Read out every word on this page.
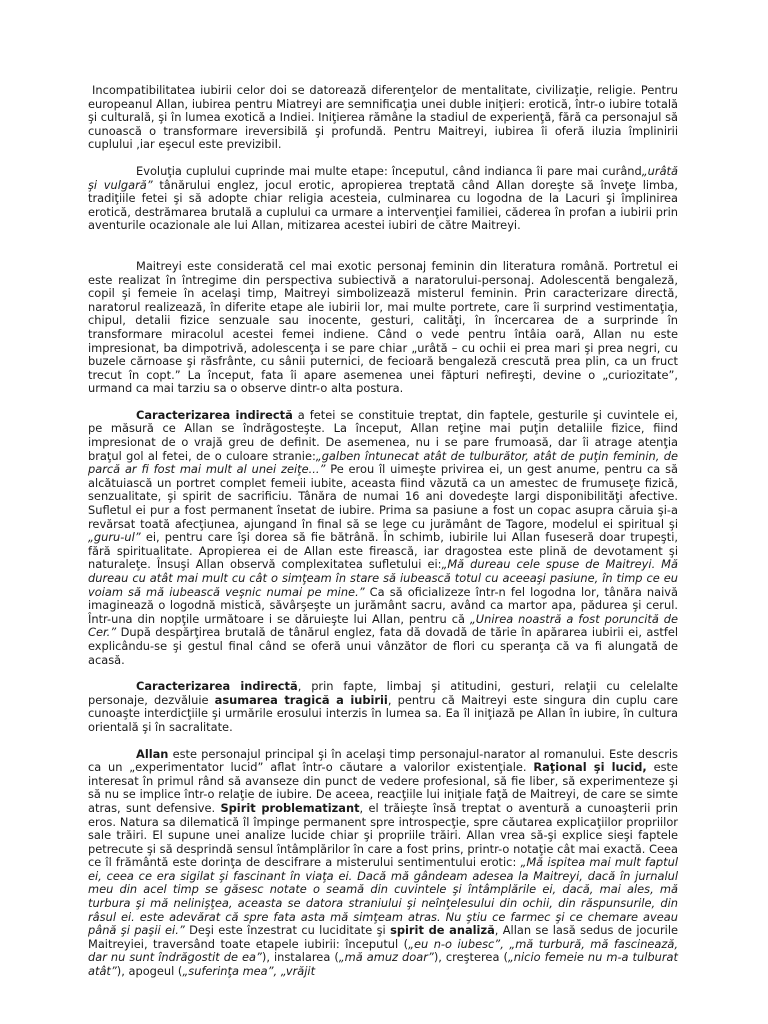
Incompatibilitatea iubirii celor doi se datorează diferenţelor de mentalitate, civilizaţie, religie. Pentru europeanul Allan, iubirea pentru Miatreyi are semnificaţia unei duble iniţieri: erotică, într-o iubire totală şi culturală, şi în lumea exotică a Indiei. Iniţierea rămâne la stadiul de experienţă, fără ca personajul să cunoască o transformare ireversibilă şi profundă. Pentru Maitreyi, iubirea îi oferă iluzia împlinirii cuplului ,iar eşecul este previzibil.

Evoluţia cuplului cuprinde mai multe etape: începutul, când indianca îi pare mai curând„urâtă şi vulgară” tânărului englez, jocul erotic, apropierea treptată când Allan doreşte să înveţe limba, tradiţiile fetei şi să adopte chiar religia acesteia, culminarea cu logodna de la Lacuri şi împlinirea erotică, destrămarea brutală a cuplului ca urmare a intervenţiei familiei, căderea în profan a iubirii prin aventurile ocazionale ale lui Allan, mitizarea acestei iubiri de către Maitreyi.

Maitreyi este considerată cel mai exotic personaj feminin din literatura română. Portretul ei este realizat în întregime din perspectiva subiectivă a naratorului-personaj. Adolescentă bengaleză, copil şi femeie în acelaşi timp, Maitreyi simbolizează misterul feminin. Prin caracterizare directă, naratorul realizează, în diferite etape ale iubirii lor, mai multe portrete, care îi surprind vestimentaţia, chipul, detalii fizice senzuale sau inocente, gesturi, calităţi, în încercarea de a surprinde în transformare miracolul acestei femei indiene. Când o vede pentru întâia oară, Allan nu este impresionat, ba dimpotrivă, adolescenţa i se pare chiar „urâtă – cu ochii ei prea mari şi prea negri, cu buzele cărnoase şi răsfrânte, cu sânii puternici, de fecioară bengaleză crescută prea plin, ca un fruct trecut în copt.” La început, fata îi apare asemenea unei făpturi nefireşti, devine o „curiozitate”, urmand ca mai tarziu sa o observe dintr-o alta postura.

Caracterizarea indirectă a fetei se constituie treptat, din faptele, gesturile şi cuvintele ei, pe măsură ce Allan se îndrăgosteşte. La început, Allan reţine mai puţin detaliile fizice, fiind impresionat de o vrajă greu de definit. De asemenea, nu i se pare frumoasă, dar îi atrage atenţia braţul gol al fetei, de o culoare stranie:„galben întunecat atât de tulburător, atât de puţin feminin, de parcă ar fi fost mai mult al unei zeiţe...” Pe erou îl uimeşte privirea ei, un gest anume, pentru ca să alcătuiască un portret complet femeii iubite, aceasta fiind văzută ca un amestec de frumuseţe fizică, senzualitate, şi spirit de sacrificiu. Tânăra de numai 16 ani dovedeşte largi disponibilităţi afective. Sufletul ei pur a fost permanent însetat de iubire. Prima sa pasiune a fost un copac asupra căruia şi-a revărsat toată afecţiunea, ajungand în final să se lege cu jurământ de Tagore, modelul ei spiritual şi „guru-ul” ei, pentru care îşi dorea să fie bătrână. În schimb, iubirile lui Allan fuseseră doar trupeşti, fără spiritualitate. Apropierea ei de Allan este firească, iar dragostea este plină de devotament şi naturaleţe. Însuşi Allan observă complexitatea sufletului ei:„Mă dureau cele spuse de Maitreyi. Mă dureau cu atât mai mult cu cât o simţeam în stare să iubească totul cu aceeaşi pasiune, în timp ce eu voiam să mă iubească veşnic numai pe mine.” Ca să oficializeze într-n fel logodna lor, tânăra naivă imaginează o logodnă mistică, săvârşeşte un jurământ sacru, având ca martor apa, pădurea şi cerul. Într-una din nopţile următoare i se dăruieşte lui Allan, pentru că „Unirea noastră a fost poruncită de Cer.” După despărţirea brutală de tânărul englez, fata dă dovadă de tărie în apărarea iubirii ei, astfel explicându-se şi gestul final când se oferă unui vânzător de flori cu speranţa că va fi alungată de acasă.

Caracterizarea indirectă, prin fapte, limbaj şi atitudini, gesturi, relaţii cu celelalte personaje, dezvăluie asumarea tragică a iubirii, pentru că Maitreyi este singura din cuplu care cunoaşte interdicţiile şi urmările erosului interzis în lumea sa. Ea îl iniţiază pe Allan în iubire, în cultura orientală şi în sacralitate.

Allan este personajul principal şi în acelaşi timp personajul-narator al romanului. Este descris ca un „experimentator lucid” aflat într-o căutare a valorilor existenţiale. Raţional şi lucid, este interesat în primul rând să avanseze din punct de vedere profesional, să fie liber, să experimenteze şi să nu se implice într-o relaţie de iubire. De aceea, reacţiile lui iniţiale faţă de Maitreyi, de care se simte atras, sunt defensive. Spirit problematizant, el trăieşte însă treptat o aventură a cunoaşterii prin eros. Natura sa dilematică îl împinge permanent spre introspecţie, spre căutarea explicaţiilor propriilor sale trăiri. El supune unei analize lucide chiar şi propriile trăiri. Allan vrea să-şi explice sieşi faptele petrecute şi să desprindă sensul întâmplărilor în care a fost prins, printr-o notaţie cât mai exactă. Ceea ce îl frământă este dorinţa de descifrare a misterului sentimentului erotic: „Mă ispitea mai mult faptul ei, ceea ce era sigilat şi fascinant în viaţa ei. Dacă mă gândeam adesea la Maitreyi, dacă în jurnalul meu din acel timp se găsesc notate o seamă din cuvintele şi întâmplările ei, dacă, mai ales, mă turbura şi mă nelinişţea, aceasta se datora straniului şi neînţelesului din ochii, din răspunsurile, din râsul ei. este adevărat că spre fata asta mă simţeam atras. Nu ştiu ce farmec şi ce chemare aveau până şi paşii ei.” Deşi este înzestrat cu luciditate şi spirit de analiză, Allan se lasă sedus de jocurile Maitreyiei, traversând toate etapele iubirii: începutul („eu n-o iubesc”, „mă turbură, mă fascinează, dar nu sunt îndrăgostit de ea”), instalarea („mă amuz doar”), creşterea („nicio femeie nu m-a tulburat atât”), apogeul („suferinţa mea”, „vrăjit
